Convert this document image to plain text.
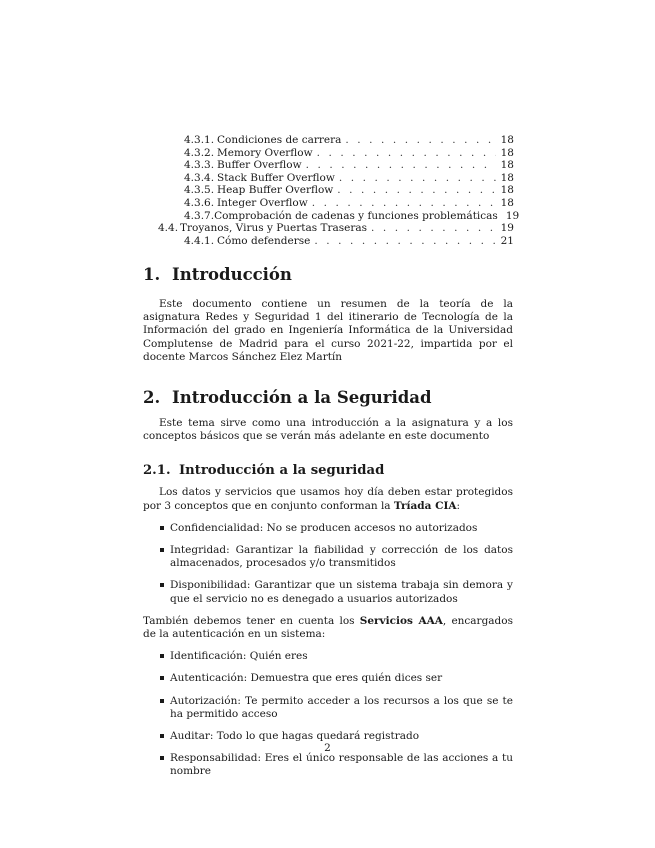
4.3.1. Condiciones de carrera . . .	18
4.3.2. Memory Overflow . . .	18
4.3.3. Buffer Overflow . . .	18
4.3.4. Stack Buffer Overflow . . .	18
4.3.5. Heap Buffer Overflow . . .	18
4.3.6. Integer Overflow . . .	18
4.3.7. Comprobación de cadenas y funciones problemáticas 19
4.4. Troyanos, Virus y Puertas Traseras . . .	19
4.4.1. Cómo defenderse . . .	21
1. Introducción

Este documento contiene un resumen de la teoría de la asignatura Redes y Seguridad 1 del itinerario de Tecnología de la Información del grado en Ingeniería Informática de la Universidad Complutense de Madrid para el curso 2021-22, impartida por el docente Marcos Sánchez Elez Martín

2. Introducción a la Seguridad

Este tema sirve como una introducción a la asignatura y a los conceptos básicos que se verán más adelante en este documento

2.1. Introducción a la seguridad

Los datos y servicios que usamos hoy día deben estar protegidos por 3 conceptos que en conjunto conforman la Tríada CIA:

Confidencialidad: No se producen accesos no autorizados
Integridad: Garantizar la fiabilidad y corrección de los datos almacenados, procesados y/o transmitidos
Disponibilidad: Garantizar que un sistema trabaja sin demora y que el servicio no es denegado a usuarios autorizados

También debemos tener en cuenta los Servicios AAA, encargados de la autenticación en un sistema:

Identificación: Quién eres
Autenticación: Demuestra que eres quién dices ser
Autorización: Te permito acceder a los recursos a los que se te ha permitido acceso
Auditar: Todo lo que hagas quedará registrado
Responsabilidad: Eres el único responsable de las acciones a tu nombre
2
